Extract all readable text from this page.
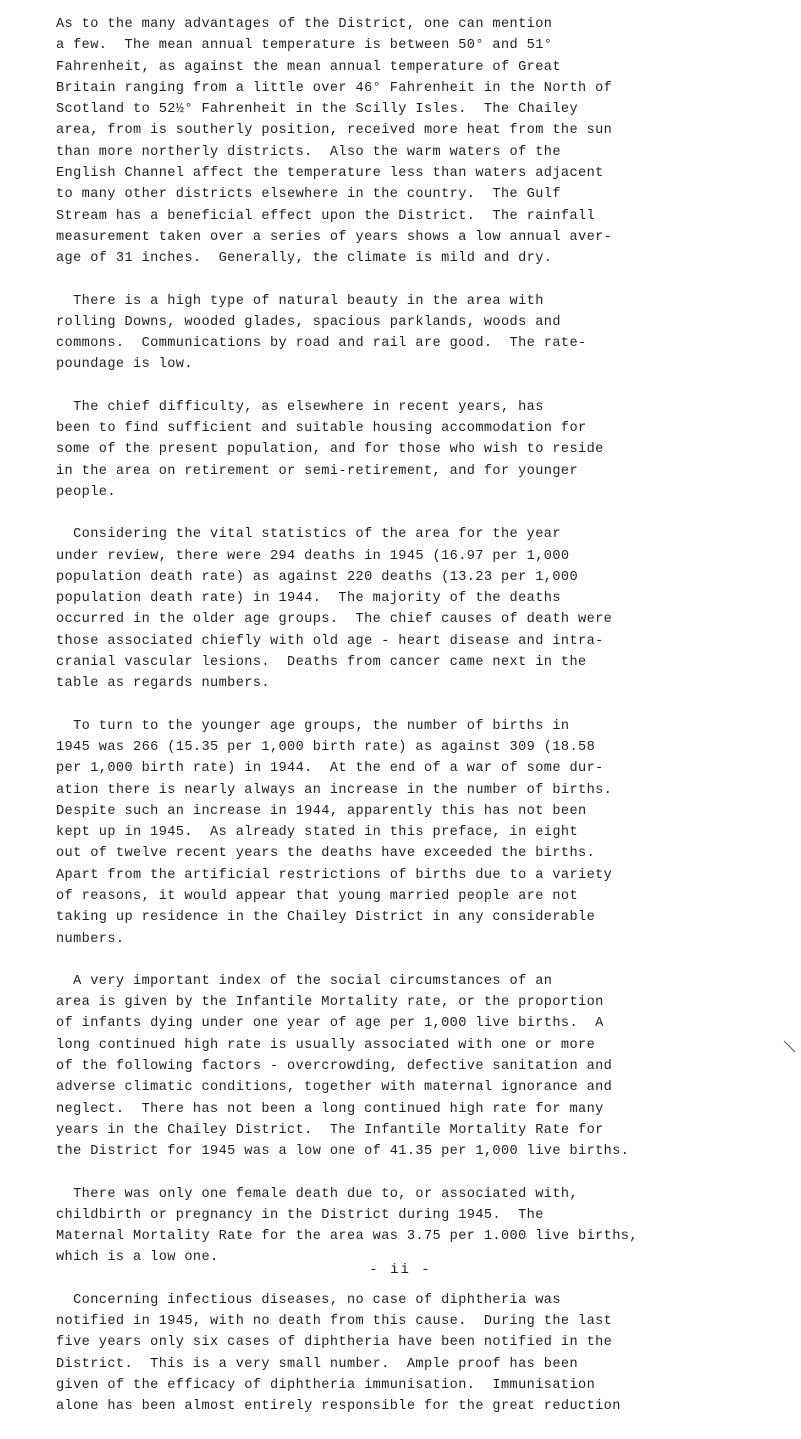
As to the many advantages of the District, one can mention
a few.  The mean annual temperature is between 50° and 51°
Fahrenheit, as against the mean annual temperature of Great
Britain ranging from a little over 46° Fahrenheit in the North of
Scotland to 52½° Fahrenheit in the Scilly Isles.  The Chailey
area, from is southerly position, received more heat from the sun
than more northerly districts.  Also the warm waters of the
English Channel affect the temperature less than waters adjacent
to many other districts elsewhere in the country.  The Gulf
Stream has a beneficial effect upon the District.  The rainfall
measurement taken over a series of years shows a low annual aver-
age of 31 inches.  Generally, the climate is mild and dry.
There is a high type of natural beauty in the area with
rolling Downs, wooded glades, spacious parklands, woods and
commons.  Communications by road and rail are good.  The rate-
poundage is low.
The chief difficulty, as elsewhere in recent years, has
been to find sufficient and suitable housing accommodation for
some of the present population, and for those who wish to reside
in the area on retirement or semi-retirement, and for younger
people.
Considering the vital statistics of the area for the year
under review, there were 294 deaths in 1945 (16.97 per 1,000
population death rate) as against 220 deaths (13.23 per 1,000
population death rate) in 1944.  The majority of the deaths
occurred in the older age groups.  The chief causes of death were
those associated chiefly with old age - heart disease and intra-
cranial vascular lesions.  Deaths from cancer came next in the
table as regards numbers.
To turn to the younger age groups, the number of births in
1945 was 266 (15.35 per 1,000 birth rate) as against 309 (18.58
per 1,000 birth rate) in 1944.  At the end of a war of some dur-
ation there is nearly always an increase in the number of births.
Despite such an increase in 1944, apparently this has not been
kept up in 1945.  As already stated in this preface, in eight
out of twelve recent years the deaths have exceeded the births.
Apart from the artificial restrictions of births due to a variety
of reasons, it would appear that young married people are not
taking up residence in the Chailey District in any considerable
numbers.
A very important index of the social circumstances of an
area is given by the Infantile Mortality rate, or the proportion
of infants dying under one year of age per 1,000 live births.  A
long continued high rate is usually associated with one or more
of the following factors - overcrowding, defective sanitation and
adverse climatic conditions, together with maternal ignorance and
neglect.  There has not been a long continued high rate for many
years in the Chailey District.  The Infantile Mortality Rate for
the District for 1945 was a low one of 41.35 per 1,000 live births.
There was only one female death due to, or associated with,
childbirth or pregnancy in the District during 1945.  The
Maternal Mortality Rate for the area was 3.75 per 1.000 live births,
which is a low one.
Concerning infectious diseases, no case of diphtheria was
notified in 1945, with no death from this cause.  During the last
five years only six cases of diphtheria have been notified in the
District.  This is a very small number.  Ample proof has been
given of the efficacy of diphtheria immunisation.  Immunisation
alone has been almost entirely responsible for the great reduction
- ii -
